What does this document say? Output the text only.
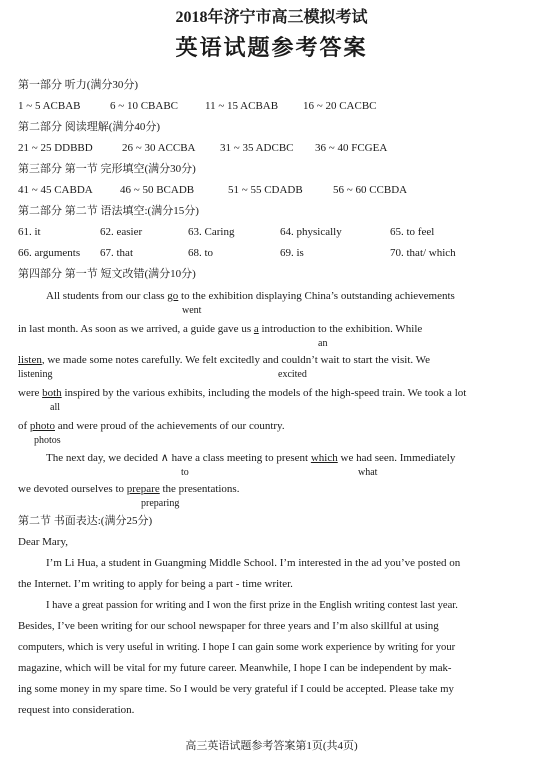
2018年济宁市高三模拟考试
英语试题参考答案
第一部分 听力(满分30分)
1 ~ 5 ACBAB	6 ~ 10 CBABC 11 ~ 15 ACBAB 16 ~ 20 CACBC
第二部分 阅读理解(满分40分)
21 ~ 25 DDBBD	26 ~ 30 ACCBA 31 ~ 35 ADCBC 36 ~ 40 FCGEA
第三部分 第一节 完形填空(满分30分)
41 ~ 45 CABDA 46 ~ 50 BCADB	51 ~ 55 CDADB	56 ~ 60 CCBDA
第二部分 第二节 语法填空:(满分15分)
61. it	62. easier	63. Caring	64. physically	65. to feel
66. arguments 67. that	68. to	69. is	70. that/ which
第四部分 第一节 短文改错(满分10分)
All students from our class go to the exhibition displaying China’s outstanding achievements
went
in last month. As soon as we arrived, a guide gave us a introduction to the exhibition. While
an
listen, we made some notes carefully. We felt excitedly and couldn’t wait to start the visit. We
listening	excited
were both inspired by the various exhibits, including the models of the high-speed train. We took a lot
all
of photo and were proud of the achievements of our country.
photos
The next day, we decided ∧ have a class meeting to present which we had seen. Immediately
to	what
we devoted ourselves to prepare the presentations.
preparing
第二节 书面表达:(满分25分)
Dear Mary,
I’m Li Hua, a student in Guangming Middle School. I’m interested in the ad you’ve posted on
the Internet. I’m writing to apply for being a part - time writer.
I have a great passion for writing and I won the first prize in the English writing contest last year.
Besides, I’ve been writing for our school newspaper for three years and I’m also skillful at using
computers, which is very useful in writing. I hope I can gain some work experience by writing for your
magazine, which will be vital for my future career. Meanwhile, I hope I can be independent by mak-
ing some money in my spare time. So I would be very grateful if I could be accepted. Please take my
request into consideration.
高三英语试题参考答案第1页(共4页)
